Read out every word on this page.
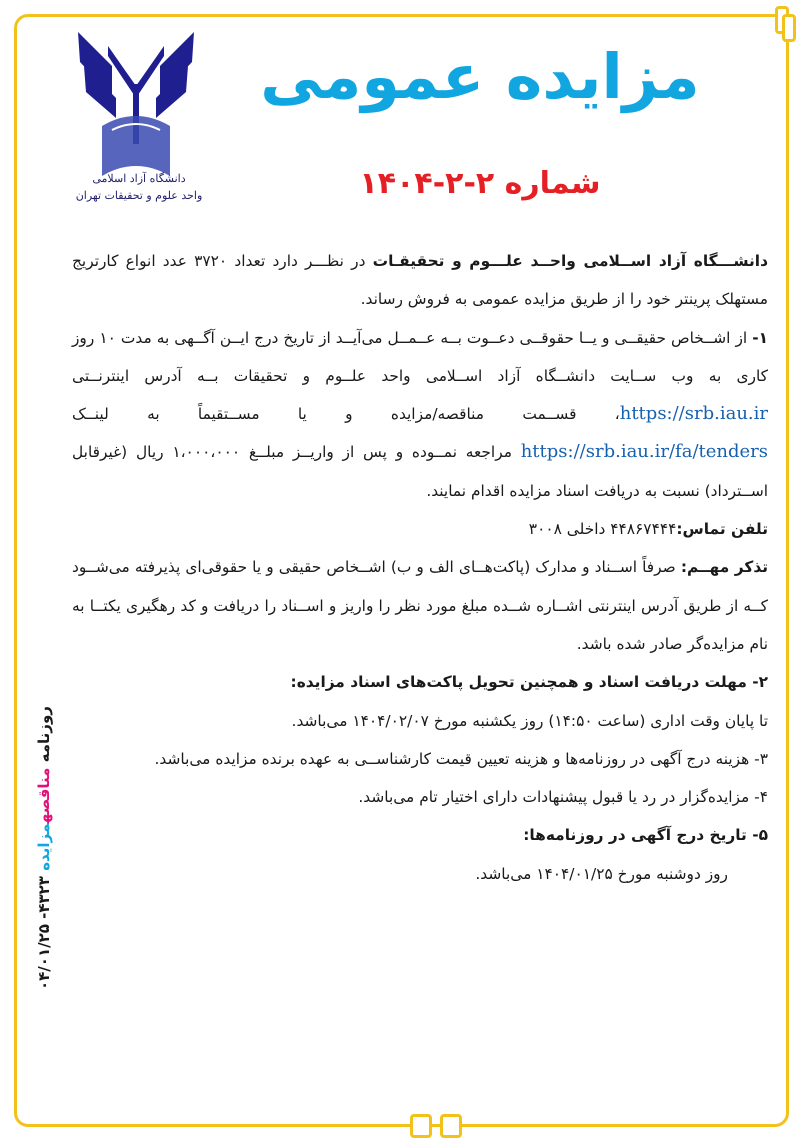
دانشگاه آزاد اسلامی
واحد علوم و تحقیقات تهران
مزایده عمومی
شماره ۲-۲-۱۴۰۴

دانشـــگاه آزاد اســلامی واحــد علـــوم و تحقیقـات در نظـــر دارد تعداد ۳۷۲۰ عدد انواع کارتریج مستهلک پرینتر خود را از طریق مزایده عمومی به فروش رساند.

۱- از اشــخاص حقیقــی و یــا حقوقــی دعــوت بــه عــمــل می‌آیــد از تاریخ درج ایــن آگــهی به مدت ۱۰ روز کاری به وب ســایت دانشــگاه آزاد اســلامی واحد علــوم و تحقیقات بــه آدرس اینترنــتی https://srb.iau.ir، قســمت مناقصه/مزایده و یا مســتقیماً به لینــک https://srb.iau.ir/fa/tenders مراجعه نمــوده و پس از واریــز مبلــغ ۱،۰۰۰،۰۰۰ ریال (غیرقابل اســترداد) نسبت به دریافت اسناد مزایده اقدام نمایند.

تلفن تماس:۴۴۸۶۷۴۴۴ داخلی ۳۰۰۸

تذکر مهــم: صرفاً اســناد و مدارک (پاکت‌هــای الف و ب) اشــخاص حقیقی و یا حقوقی‌ای پذیرفته می‌شــود کــه از طریق آدرس اینترنتی اشــاره شــده مبلغ مورد نظر را واریز و اســناد را دریافت و کد رهگیری یکتــا به نام مزایده‌گر صادر شده باشد.

۲- مهلت دریافت اسناد و همچنین تحویل پاکت‌های اسناد مزایده:

تا پایان وقت اداری (ساعت ۱۴:۵۰) روز یکشنبه مورخ ۱۴۰۴/۰۲/۰۷ می‌باشد.

۳- هزینه درج آگهی در روزنامه‌ها و هزینه تعیین قیمت کارشناســی به عهده برنده مزایده می‌باشد.

۴- مزایده‌گزار در رد یا قبول پیشنهادات دارای اختیار تام می‌باشد.

۵- تاریخ درج آگهی در روزنامه‌ها:

روز دوشنبه مورخ ۱۴۰۴/۰۱/۲۵ می‌باشد.

روزنامه مناقصهمزایده ۴۳۲۳- ۰۴/۰۱/۲۵
